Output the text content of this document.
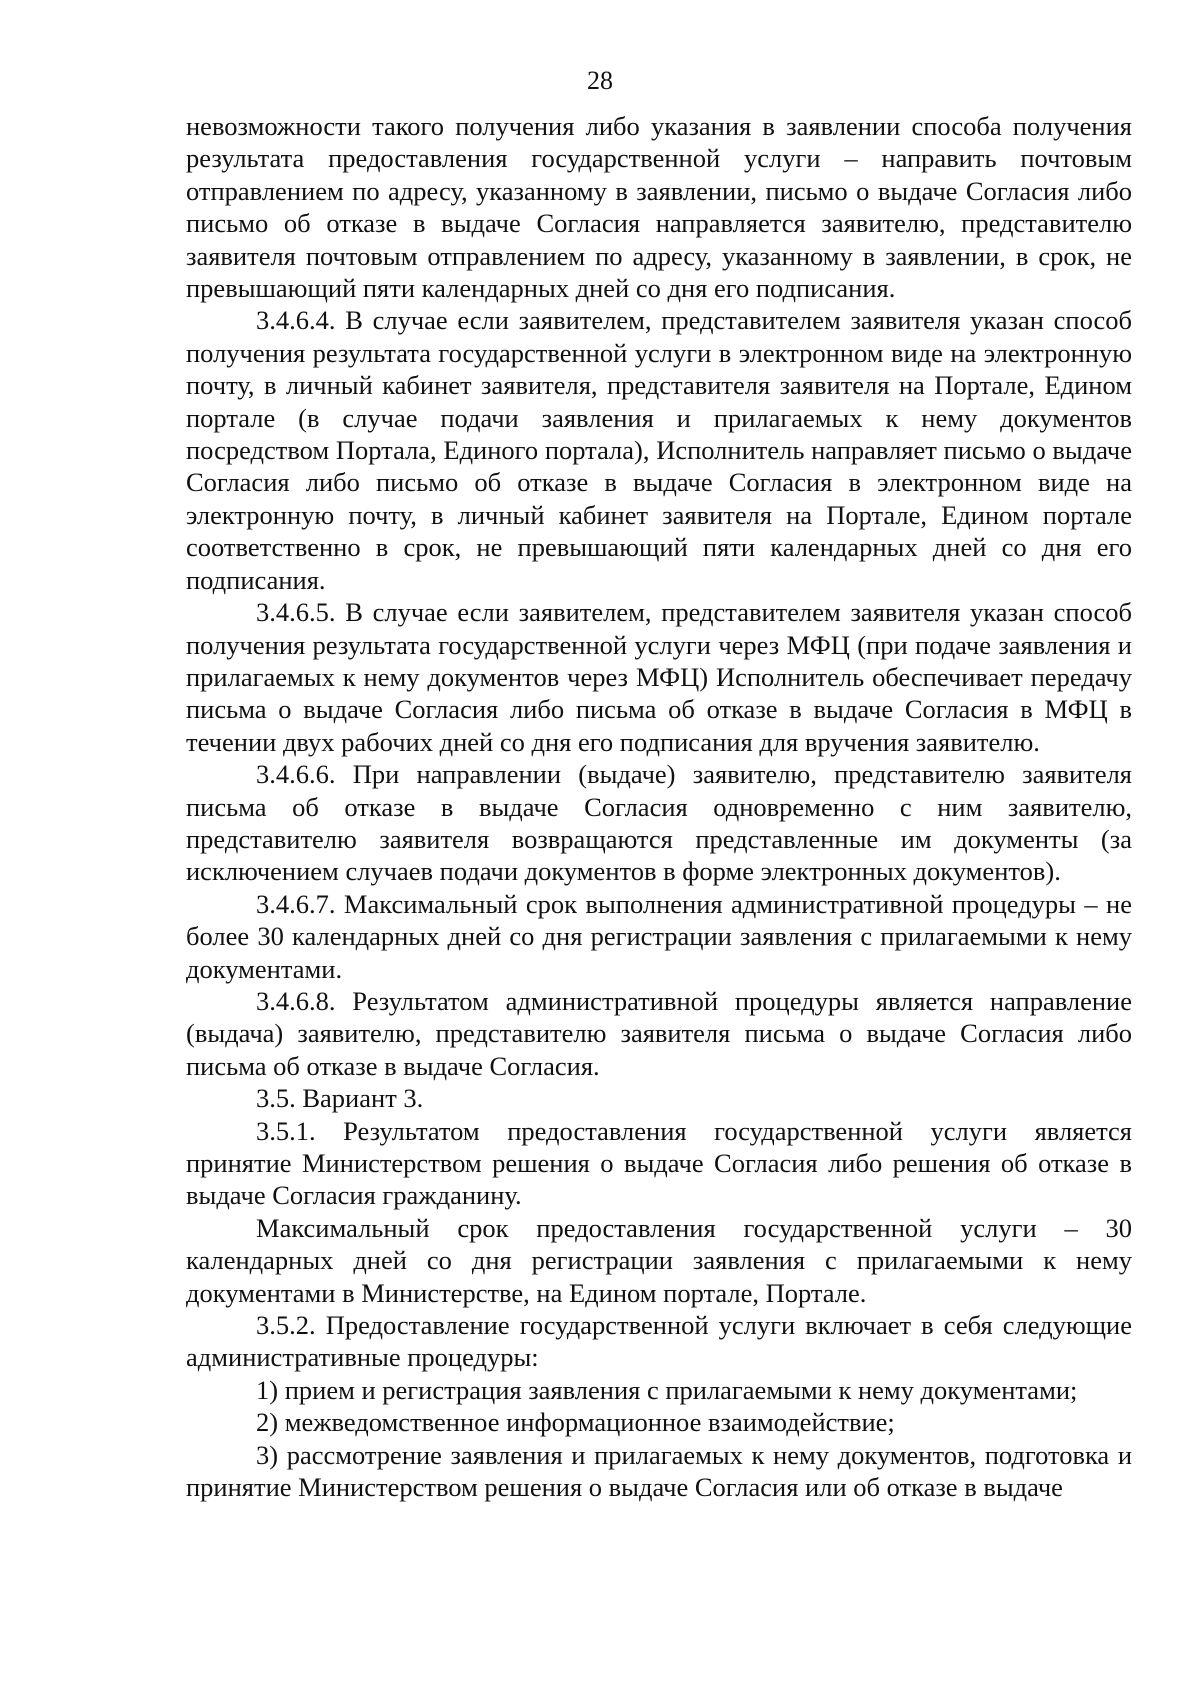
28

невозможности такого получения либо указания в заявлении способа получения результата предоставления государственной услуги – направить почтовым отправлением по адресу, указанному в заявлении, письмо о выдаче Согласия либо письмо об отказе в выдаче Согласия направляется заявителю, представителю заявителя почтовым отправлением по адресу, указанному в заявлении, в срок, не превышающий пяти календарных дней со дня его подписания.

3.4.6.4. В случае если заявителем, представителем заявителя указан способ получения результата государственной услуги в электронном виде на электронную почту, в личный кабинет заявителя, представителя заявителя на Портале, Едином портале (в случае подачи заявления и прилагаемых к нему документов посредством Портала, Единого портала), Исполнитель направляет письмо о выдаче Согласия либо письмо об отказе в выдаче Согласия в электронном виде на электронную почту, в личный кабинет заявителя на Портале, Едином портале соответственно в срок, не превышающий пяти календарных дней со дня его подписания.

3.4.6.5. В случае если заявителем, представителем заявителя указан способ получения результата государственной услуги через МФЦ (при подаче заявления и прилагаемых к нему документов через МФЦ) Исполнитель обеспечивает передачу письма о выдаче Согласия либо письма об отказе в выдаче Согласия в МФЦ в течении двух рабочих дней со дня его подписания для вручения заявителю.

3.4.6.6. При направлении (выдаче) заявителю, представителю заявителя письма об отказе в выдаче Согласия одновременно с ним заявителю, представителю заявителя возвращаются представленные им документы (за исключением случаев подачи документов в форме электронных документов).

3.4.6.7. Максимальный срок выполнения административной процедуры – не более 30 календарных дней со дня регистрации заявления с прилагаемыми к нему документами.

3.4.6.8. Результатом административной процедуры является направление (выдача) заявителю, представителю заявителя письма о выдаче Согласия либо письма об отказе в выдаче Согласия.

3.5. Вариант 3.

3.5.1. Результатом предоставления государственной услуги является принятие Министерством решения о выдаче Согласия либо решения об отказе в выдаче Согласия гражданину.

Максимальный срок предоставления государственной услуги – 30 календарных дней со дня регистрации заявления с прилагаемыми к нему документами в Министерстве, на Едином портале, Портале.

3.5.2. Предоставление государственной услуги включает в себя следующие административные процедуры:

1) прием и регистрация заявления с прилагаемыми к нему документами;

2) межведомственное информационное взаимодействие;

3) рассмотрение заявления и прилагаемых к нему документов, подготовка и принятие Министерством решения о выдаче Согласия или об отказе в выдаче
